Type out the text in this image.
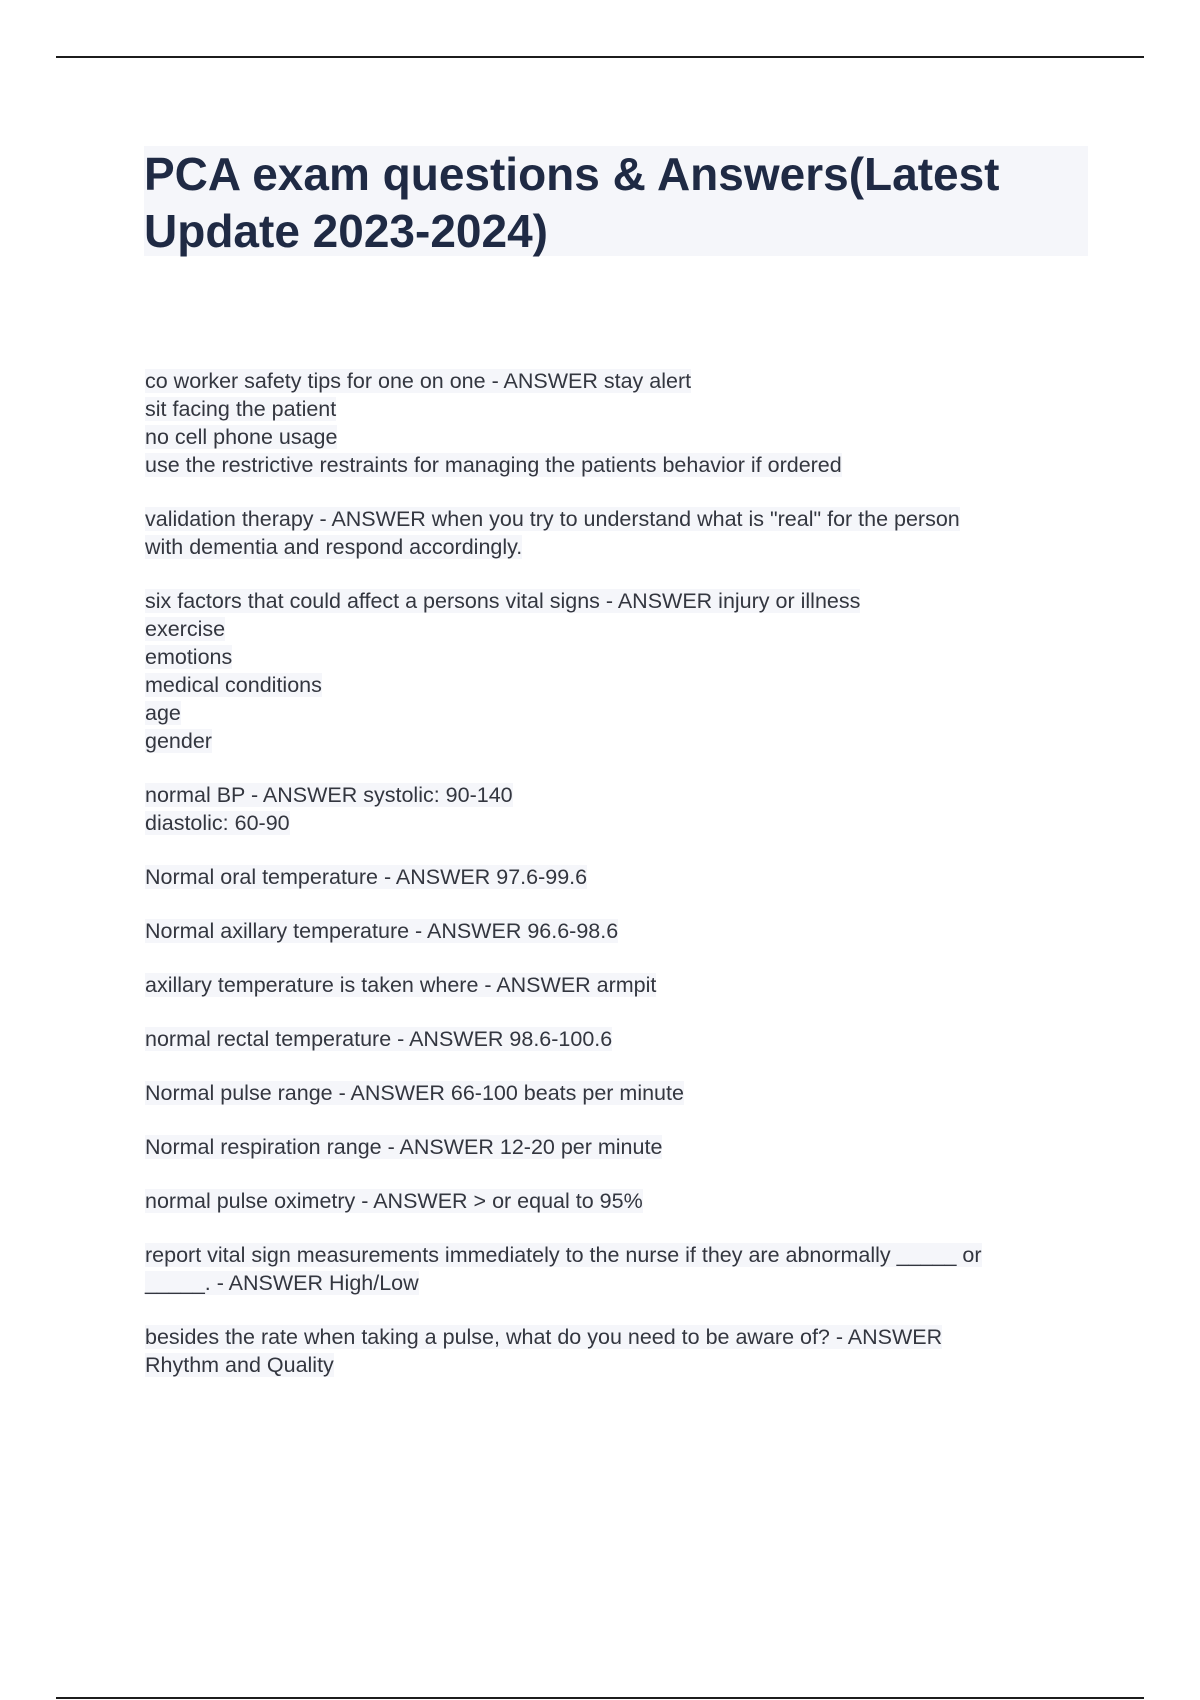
PCA exam questions & Answers(Latest
Update 2023-2024)
co worker safety tips for one on one - ANSWER stay alert
sit facing the patient
no cell phone usage
use the restrictive restraints for managing the patients behavior if ordered
validation therapy - ANSWER when you try to understand what is "real" for the person
with dementia and respond accordingly.
six factors that could affect a persons vital signs - ANSWER injury or illness
exercise
emotions
medical conditions
age
gender
normal BP - ANSWER systolic: 90-140
diastolic: 60-90
Normal oral temperature - ANSWER 97.6-99.6
Normal axillary temperature - ANSWER 96.6-98.6
axillary temperature is taken where - ANSWER armpit
normal rectal temperature - ANSWER 98.6-100.6
Normal pulse range - ANSWER 66-100 beats per minute
Normal respiration range - ANSWER 12-20 per minute
normal pulse oximetry - ANSWER > or equal to 95%
report vital sign measurements immediately to the nurse if they are abnormally _____ or
_____. - ANSWER High/Low
besides the rate when taking a pulse, what do you need to be aware of? - ANSWER
Rhythm and Quality
